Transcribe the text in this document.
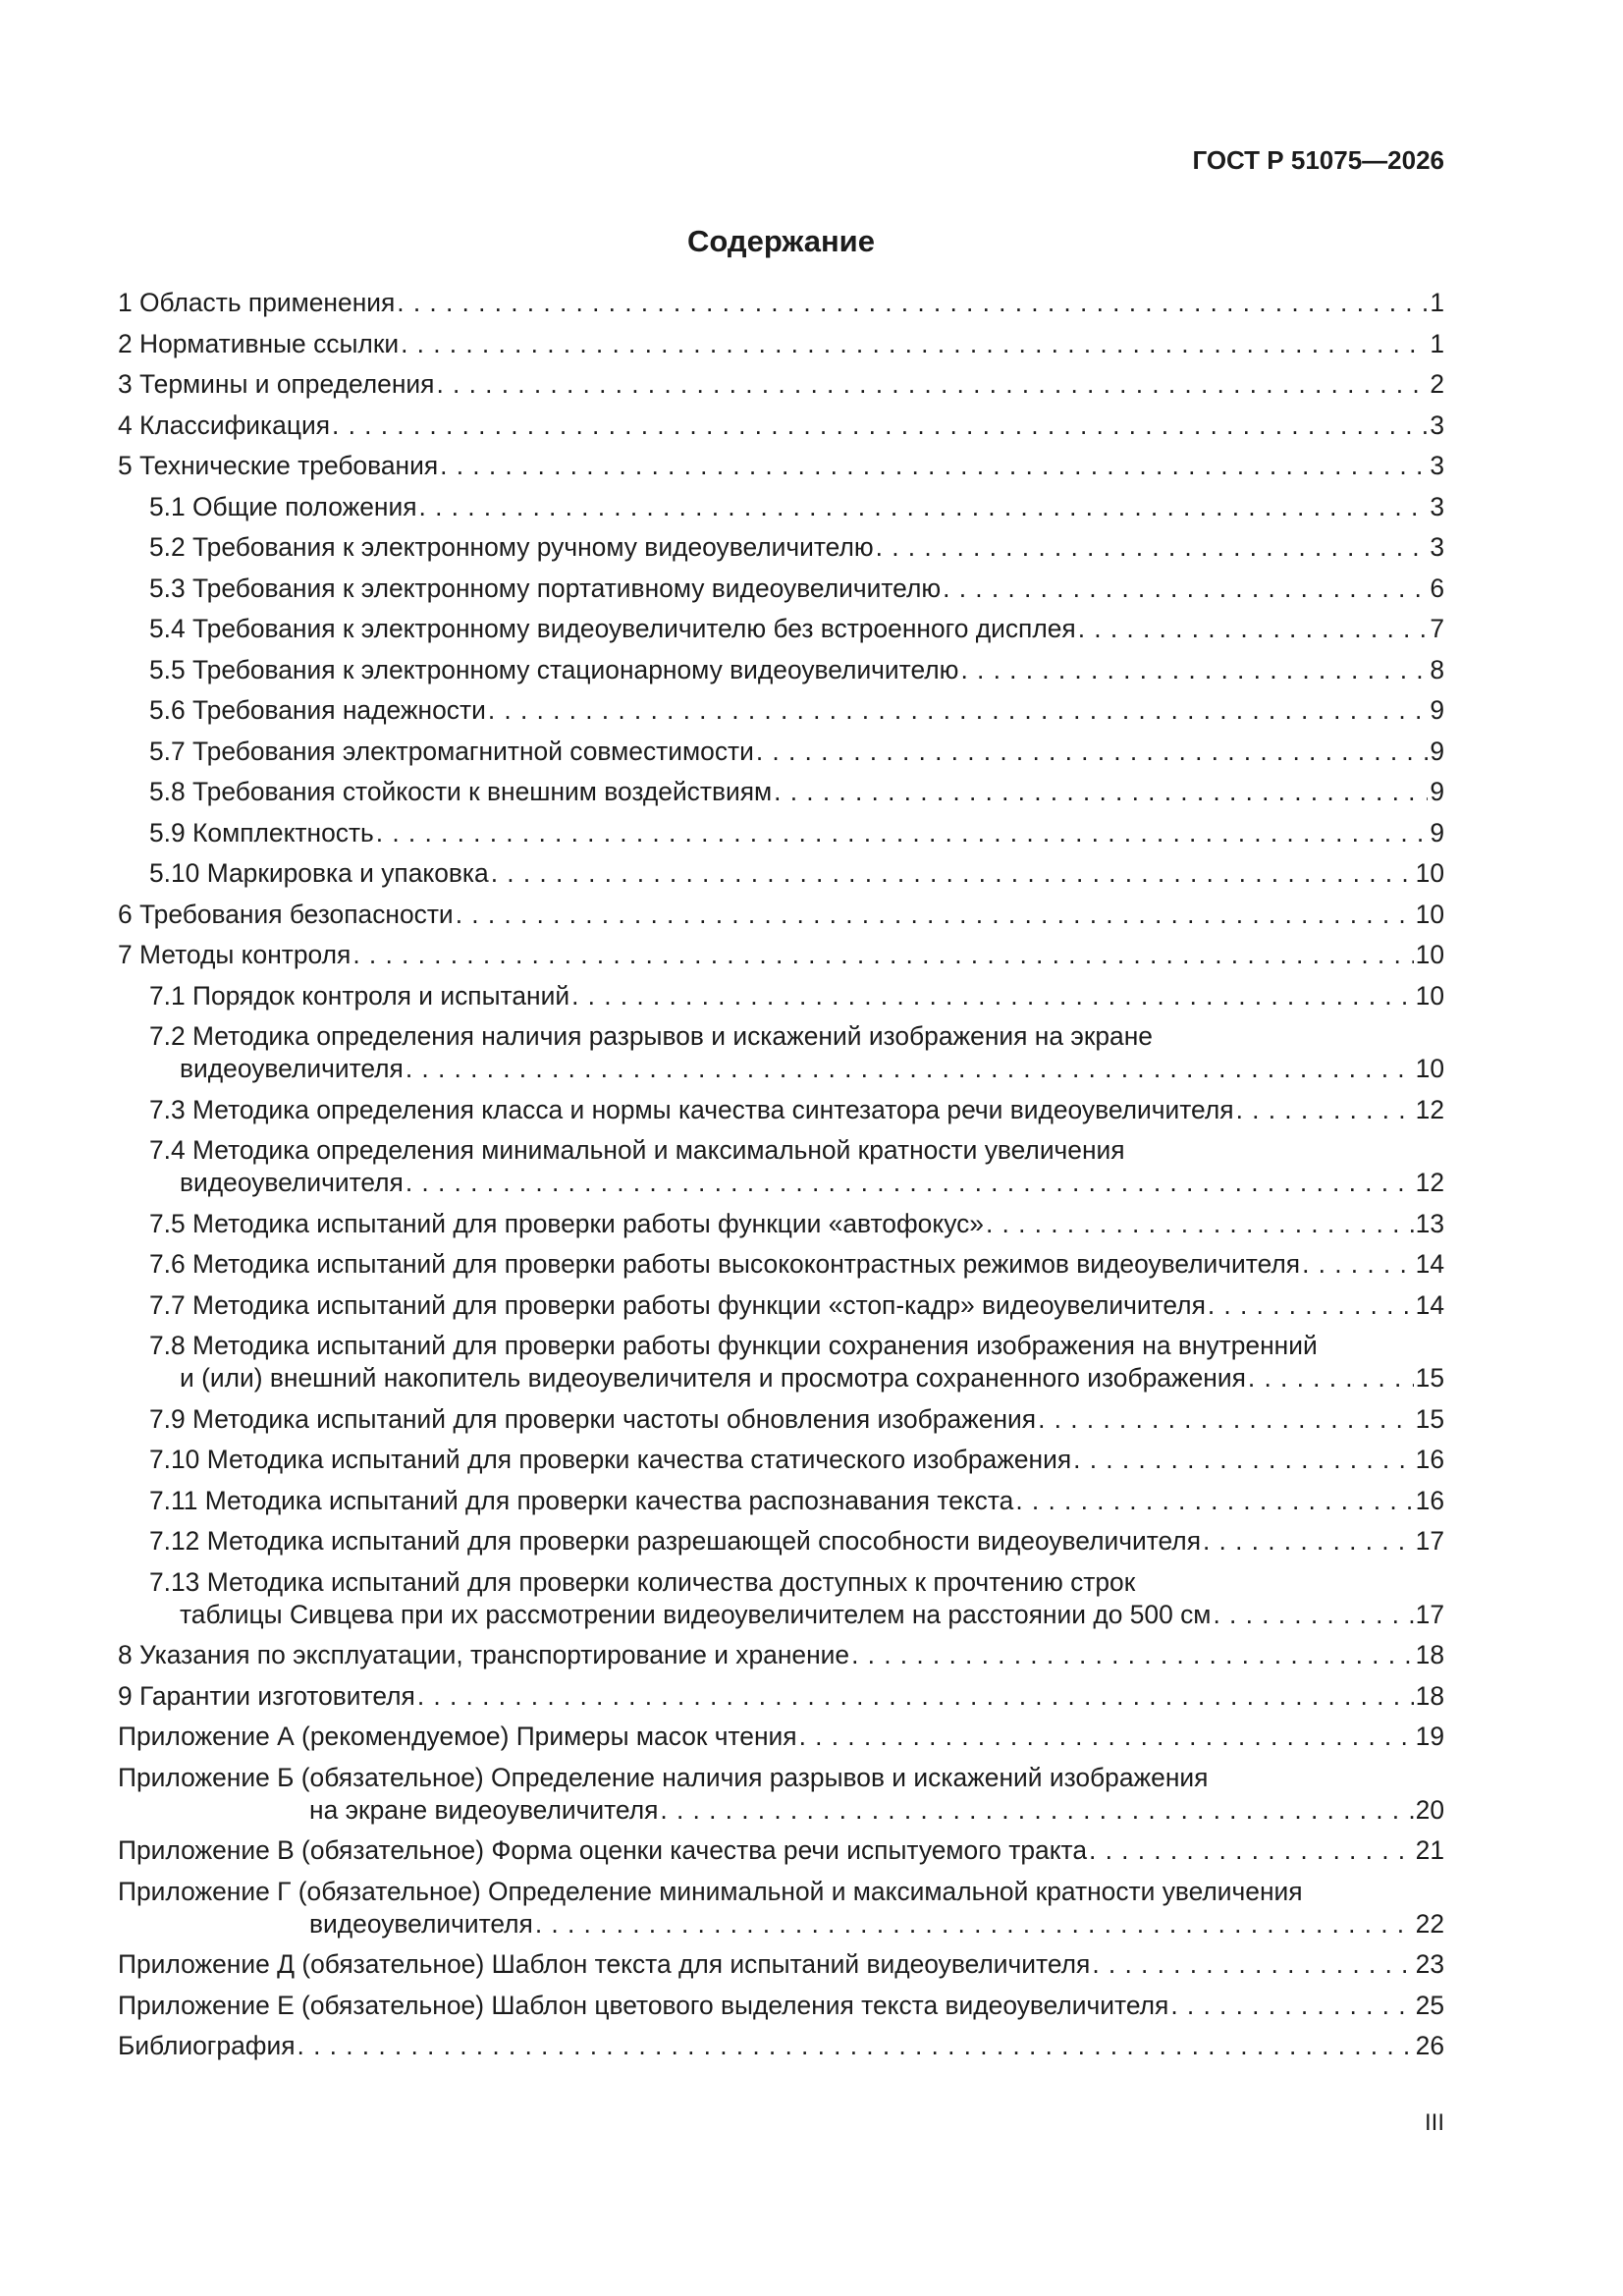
ГОСТ Р 51075—2026
Содержание
1 Область применения . . .	1
2 Нормативные ссылки . . .	1
3 Термины и определения . . .	2
4 Классификация . . .	3
5 Технические требования . . .	3
5.1 Общие положения . . .	3
5.2 Требования к электронному ручному видеоувеличителю . . .	3
5.3 Требования к электронному портативному видеоувеличителю . . .	6
5.4 Требования к электронному видеоувеличителю без встроенного дисплея . . .	7
5.5 Требования к электронному стационарному видеоувеличителю . . .	8
5.6 Требования надежности . . .	9
5.7 Требования электромагнитной совместимости . . .	9
5.8 Требования стойкости к внешним воздействиям . . .	9
5.9 Комплектность . . .	9
5.10 Маркировка и упаковка . . .	10
6 Требования безопасности . . .	10
7 Методы контроля . . .	10
7.1 Порядок контроля и испытаний . . .	10
7.2 Методика определения наличия разрывов и искажений изображения на экране
видеоувеличителя . . .	10
7.3 Методика определения класса и нормы качества синтезатора речи видеоувеличителя . . .	12
7.4 Методика определения минимальной и максимальной кратности увеличения
видеоувеличителя . . .	12
7.5 Методика испытаний для проверки работы функции «автофокус» . . .	13
7.6 Методика испытаний для проверки работы высококонтрастных режимов видеоувеличителя . . .	14
7.7 Методика испытаний для проверки работы функции «стоп-кадр» видеоувеличителя . . .	14
7.8 Методика испытаний для проверки работы функции сохранения изображения на внутренний
и (или) внешний накопитель видеоувеличителя и просмотра сохраненного изображения . . .	15
7.9 Методика испытаний для проверки частоты обновления изображения . . .	15
7.10 Методика испытаний для проверки качества статического изображения . . .	16
7.11 Методика испытаний для проверки качества распознавания текста . . .	16
7.12 Методика испытаний для проверки разрешающей способности видеоувеличителя . . .	17
7.13 Методика испытаний для проверки количества доступных к прочтению строк
таблицы Сивцева при их рассмотрении видеоувеличителем на расстоянии до 500 см . . .	17
8 Указания по эксплуатации, транспортирование и хранение . . .	18
9 Гарантии изготовителя . . .	18
Приложение А (рекомендуемое) Примеры масок чтения . . .	19
Приложение Б (обязательное) Определение наличия разрывов и искажений изображения
на экране видеоувеличителя . . .	20
Приложение В (обязательное) Форма оценки качества речи испытуемого тракта . . .	21
Приложение Г (обязательное) Определение минимальной и максимальной кратности увеличения
видеоувеличителя . . .	22
Приложение Д (обязательное) Шаблон текста для испытаний видеоувеличителя . . .	23
Приложение Е (обязательное) Шаблон цветового выделения текста видеоувеличителя . . .	25
Библиография . . .	26
III
